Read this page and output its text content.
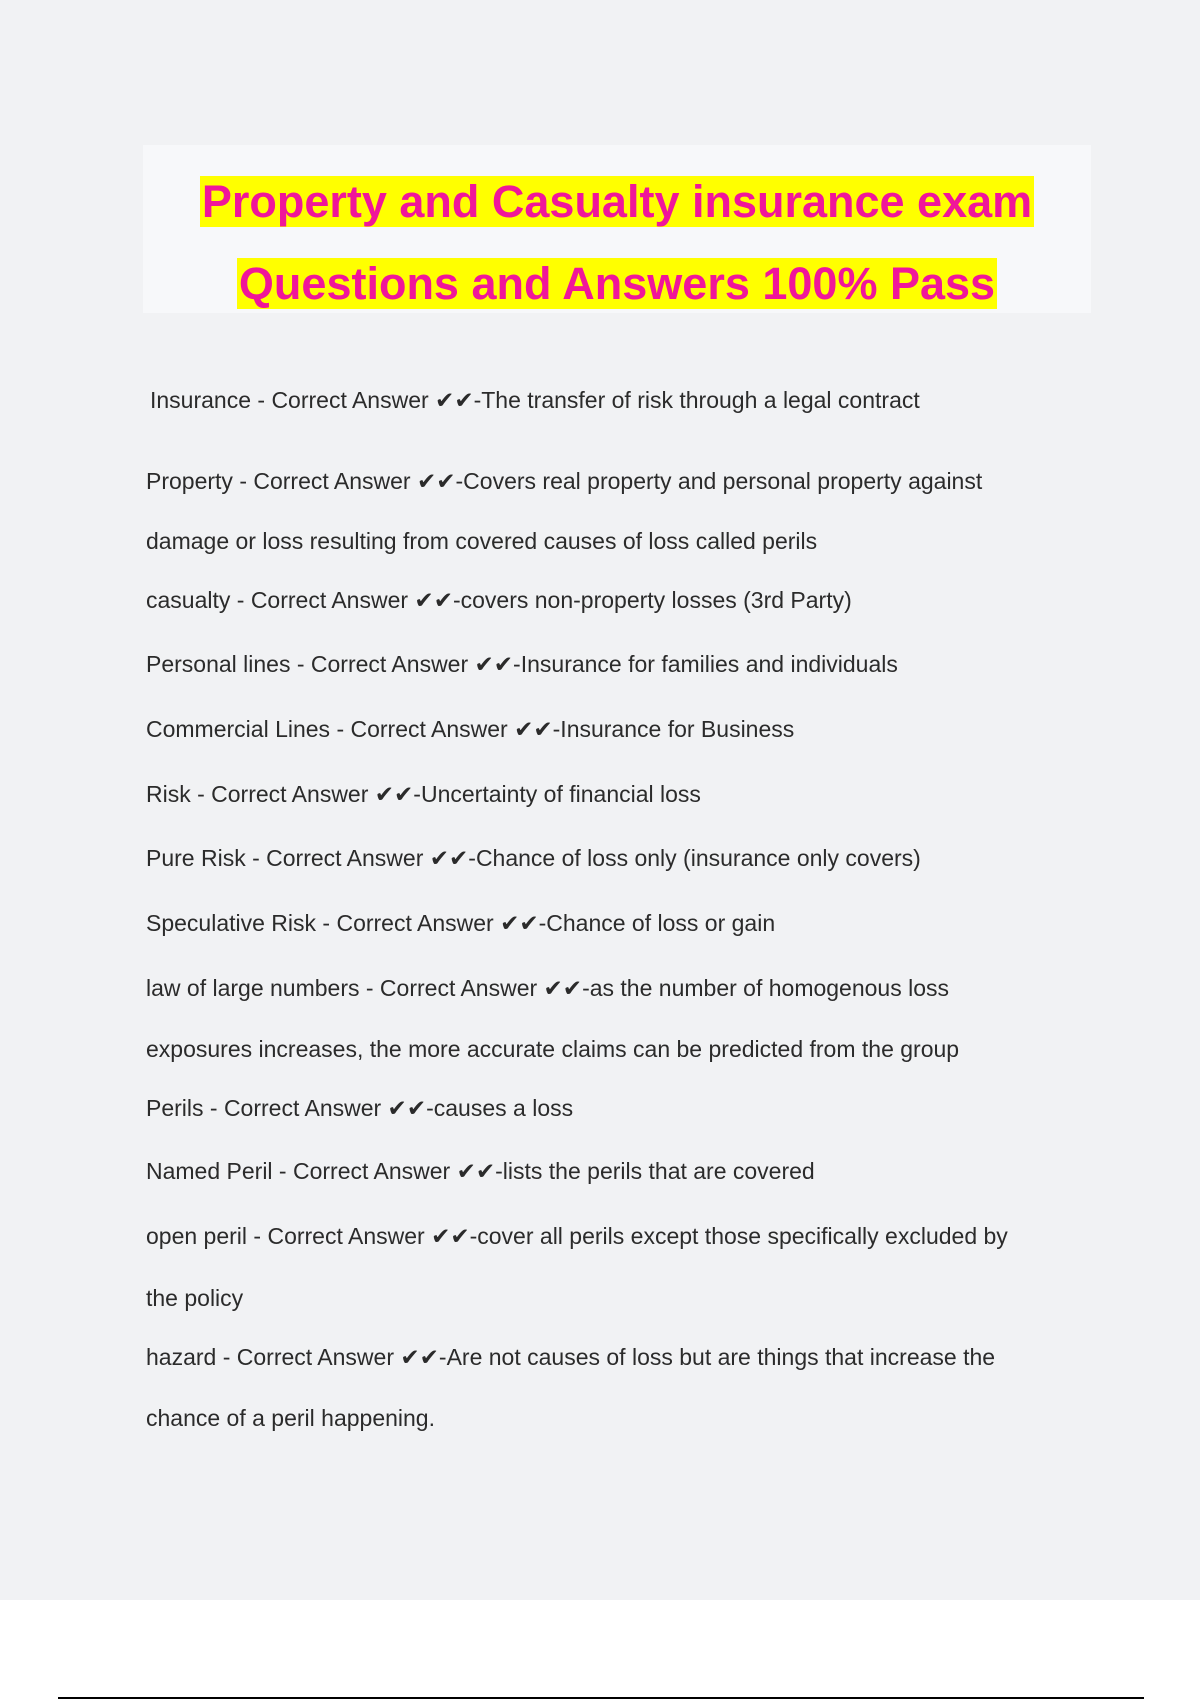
Property and Casualty insurance exam
Questions and Answers 100% Pass
Insurance - Correct Answer ✔✔-The transfer of risk through a legal contract
Property - Correct Answer ✔✔-Covers real property and personal property against
damage or loss resulting from covered causes of loss called perils
casualty - Correct Answer ✔✔-covers non-property losses (3rd Party)
Personal lines - Correct Answer ✔✔-Insurance for families and individuals
Commercial Lines - Correct Answer ✔✔-Insurance for Business
Risk - Correct Answer ✔✔-Uncertainty of financial loss
Pure Risk - Correct Answer ✔✔-Chance of loss only (insurance only covers)
Speculative Risk - Correct Answer ✔✔-Chance of loss or gain
law of large numbers - Correct Answer ✔✔-as the number of homogenous loss
exposures increases, the more accurate claims can be predicted from the group
Perils - Correct Answer ✔✔-causes a loss
Named Peril - Correct Answer ✔✔-lists the perils that are covered
open peril - Correct Answer ✔✔-cover all perils except those specifically excluded by
the policy
hazard - Correct Answer ✔✔-Are not causes of loss but are things that increase the
chance of a peril happening.
